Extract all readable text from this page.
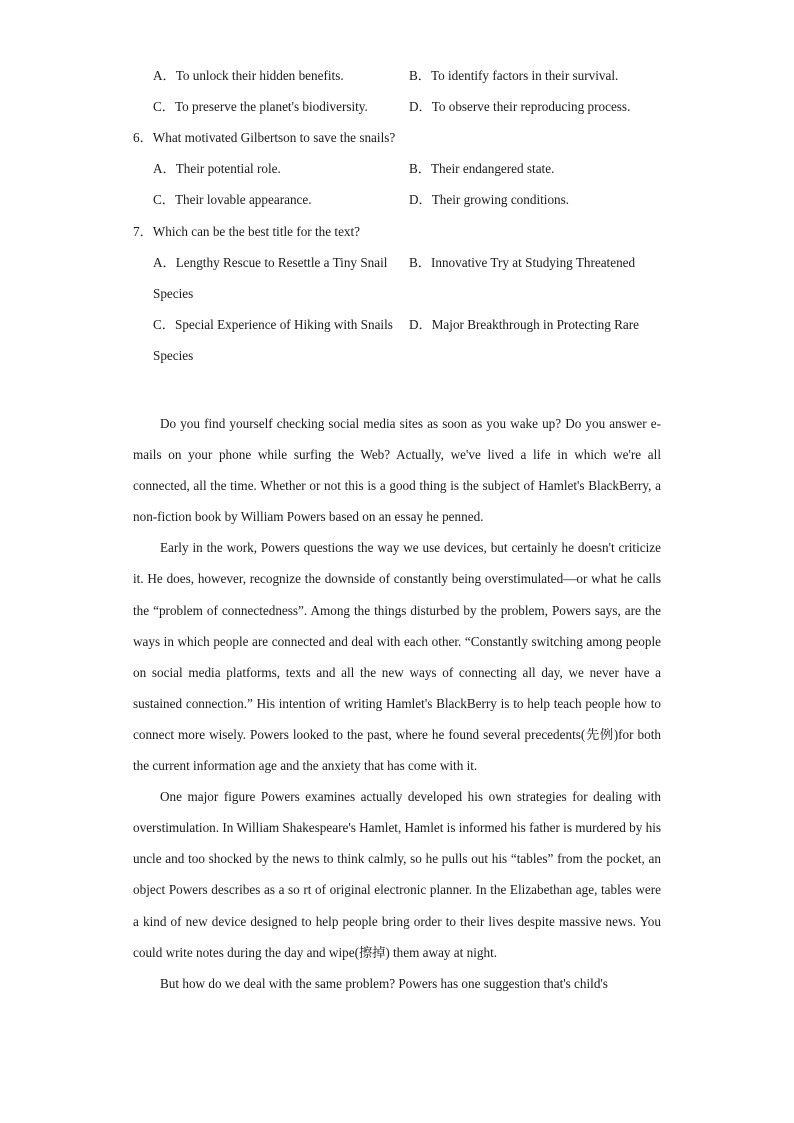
A．To unlock their hidden benefits.	B．To identify factors in their survival.
C．To preserve the planet's biodiversity.	D．To observe their reproducing process.
6．What motivated Gilbertson to save the snails?
A．Their potential role.	B．Their endangered state.
C．Their lovable appearance.	D．Their growing conditions.
7．Which can be the best title for the text?
A．Lengthy Rescue to Resettle a Tiny Snail B．Innovative Try at Studying Threatened
Species
C．Special Experience of Hiking with Snails D．Major Breakthrough in Protecting Rare
Species

Do you find yourself checking social media sites as soon as you wake up? Do you answer e-mails on your phone while surfing the Web? Actually, we've lived a life in which we're all connected, all the time. Whether or not this is a good thing is the subject of Hamlet's BlackBerry, a non-fiction book by William Powers based on an essay he penned.

Early in the work, Powers questions the way we use devices, but certainly he doesn't criticize it. He does, however, recognize the downside of constantly being overstimulated—or what he calls the “problem of connectedness”. Among the things disturbed by the problem, Powers says, are the ways in which people are connected and deal with each other. “Constantly switching among people on social media platforms, texts and all the new ways of connecting all day, we never have a sustained connection.” His intention of writing Hamlet's BlackBerry is to help teach people how to connect more wisely. Powers looked to the past, where he found several precedents(先例)for both the current information age and the anxiety that has come with it.

One major figure Powers examines actually developed his own strategies for dealing with overstimulation. In William Shakespeare's Hamlet, Hamlet is informed his father is murdered by his uncle and too shocked by the news to think calmly, so he pulls out his “tables” from the pocket, an object Powers describes as a so rt of original electronic planner. In the Elizabethan age, tables were a kind of new device designed to help people bring order to their lives despite massive news. You could write notes during the day and wipe(擦掉) them away at night.

But how do we deal with the same problem? Powers has one suggestion that's child's
